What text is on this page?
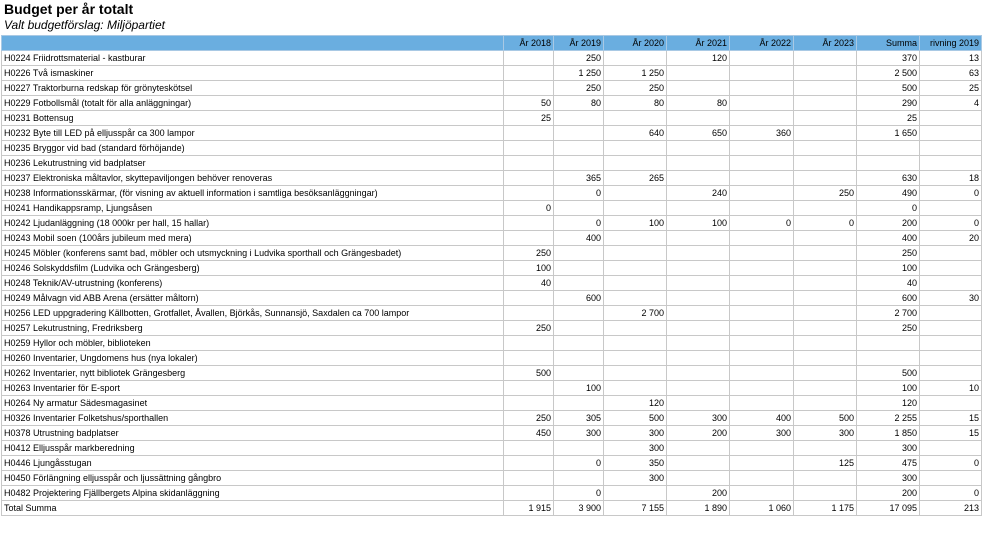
Budget per år totalt
Valt budgetförslag: Miljöpartiet
	År 2018	År 2019	År 2020	År 2021	År 2022	År 2023	Summa	rivning 2019
H0224 Friidrottsmaterial - kastburar		250		120			370	13
H0226 Två ismaskiner		1 250	1 250				2 500	63
H0227 Traktorburna redskap för grönyteskötsel		250	250				500	25
H0229 Fotbollsmål (totalt för alla anläggningar)	50	80	80	80			290	4
H0231 Bottensug	25						25	
H0232 Byte till LED på elljusspår ca 300 lampor			640	650	360		1 650	
H0235 Bryggor vid bad (standard förhöjande)								
H0236 Lekutrustning vid badplatser								
H0237 Elektroniska måltavlor, skyttepaviljongen behöver renoveras		365	265				630	18
H0238 Informationsskärmar, (för visning av aktuell information i samtliga besöksanläggningar)		0		240		250	490	0
H0241 Handikappsramp, Ljungsåsen	0						0	
H0242 Ljudanläggning (18 000kr per hall, 15 hallar)		0	100	100	0	0	200	0
H0243 Mobil soen (100års jubileum med mera)		400					400	20
H0245 Möbler (konferens samt bad, möbler och utsmyckning i Ludvika sporthall och Grängesbadet)	250						250	
H0246 Solskyddsfilm (Ludvika och Grängesberg)	100						100	
H0248 Teknik/AV-utrustning (konferens)	40						40	
H0249 Målvagn vid ABB Arena (ersätter måltorn)		600					600	30
H0256 LED uppgradering Källbotten, Grotfallet, Åvallen, Björkås, Sunnansjö, Saxdalen ca 700 lampor			2 700				2 700	
H0257 Lekutrustning, Fredriksberg	250						250	
H0259 Hyllor och möbler, biblioteken								
H0260 Inventarier, Ungdomens hus (nya lokaler)								
H0262 Inventarier, nytt bibliotek Grängesberg	500						500	
H0263 Inventarier för E-sport		100					100	10
H0264 Ny armatur Sädesmagasinet			120				120	
H0326 Inventarier Folketshus/sporthallen	250	305	500	300	400	500	2 255	15
H0378 Utrustning badplatser	450	300	300	200	300	300	1 850	15
H0412 Elljusspår markberedning			300				300	
H0446 Ljungåsstugan		0	350			125	475	0
H0450 Förlängning elljusspår och ljussättning gångbro			300				300	
H0482 Projektering Fjällbergets Alpina skidanläggning		0		200			200	0
Total Summa	1 915	3 900	7 155	1 890	1 060	1 175	17 095	213
